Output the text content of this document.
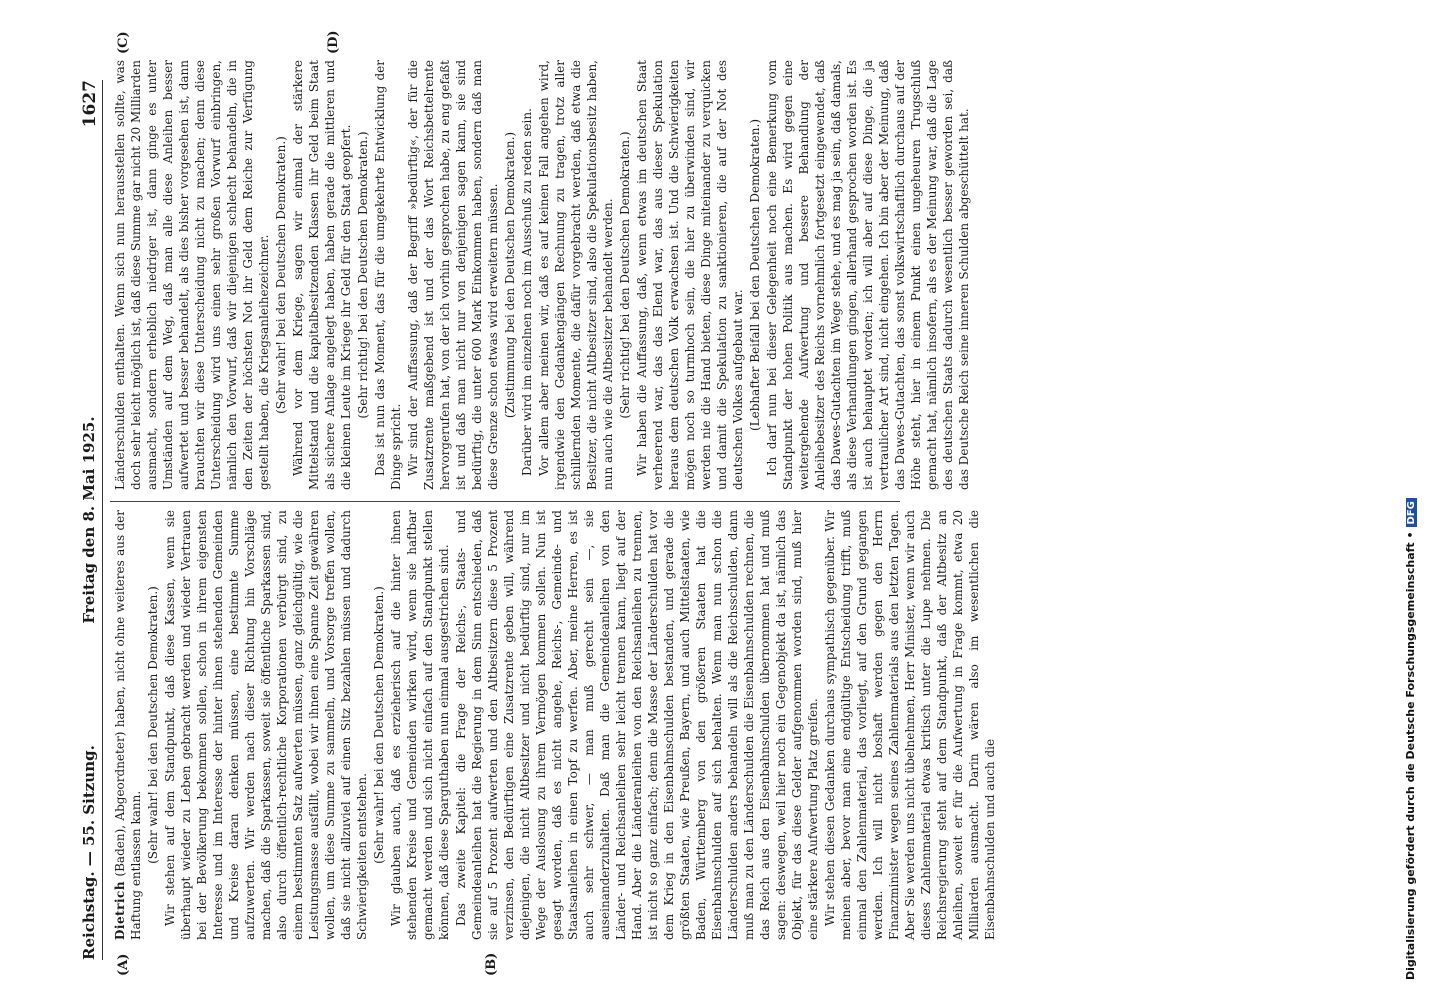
Reichstag. — 55. Sitzung.
Freitag den 8. Mai 1925.
1627
(A)	(B)
(C)	(D)

Dietrich (Baden), Abgeordneter) haben, nicht ohne weiteres aus der Haftung entlassen kann.

(Sehr wahr! bei den Deutschen Demokraten.) Wir stehen auf dem Standpunkt, daß diese Kassen, wenn sie überhaupt wieder zu Leben gebracht werden und wieder Vertrauen bei der Bevölkerung bekommen sollen, schon in ihrem eigensten Interesse und im Interesse der hinter ihnen stehenden Gemeinden und Kreise daran denken müssen, eine bestimmte Summe aufzuwerten. Wir werden nach dieser Richtung hin Vorschläge machen, daß die Sparkassen, soweit sie öffentliche Sparkassen sind, also durch öffentlich-rechtliche Korporationen verbürgt sind, zu einem bestimmten Satz aufwerten müssen, ganz gleichgültig, wie die Leistungsmasse ausfällt, wobei wir ihnen eine Spanne Zeit gewähren wollen, um diese Summe zu sammeln, und Vorsorge treffen wollen, daß sie nicht allzuviel auf einen Sitz bezahlen müssen und dadurch Schwierigkeiten entstehen. (Sehr wahr! bei den Deutschen Demokraten.) Wir glauben auch, daß es erzieherisch auf die hinter ihnen stehenden Kreise und Gemeinden wirken wird, wenn sie haftbar gemacht werden und sich nicht einfach auf den Standpunkt stellen können, daß diese Sparguthaben nun einmal ausgestrichen sind. Das zweite Kapitel: die Frage der Reichs-, Staats- und Gemeindeanleihen hat die Regierung in dem Sinn entschieden, daß sie auf 5 Prozent aufwerten und den Altbesitzern diese 5 Prozent verzinsen, den Bedürftigen eine Zusatzrente geben will, während diejenigen, die nicht Altbesitzer und nicht bedürftig sind, nur im Wege der Auslosung zu ihrem Vermögen kommen sollen. Nun ist gesagt worden, daß es nicht angehe, Reichs-, Gemeinde- und Staatsanleihen in einen Topf zu werfen. Aber, meine Herren, es ist auch sehr schwer, — man muß gerecht sein —, sie auseinanderzuhalten. Daß man die Gemeindeanleihen von den Länder- und Reichsanleihen sehr leicht trennen kann, liegt auf der Hand. Aber die Länderanleihen von den Reichsanleihen zu trennen, ist nicht so ganz einfach; denn die Masse der Länderschulden hat vor dem Krieg in den Eisenbahnschulden bestanden, und gerade die größten Staaten, wie Preußen, Bayern, und auch Mittelstaaten, wie Baden, Württemberg von den größeren Staaten hat die Eisenbahnschulden auf sich behalten. Wenn man nun schon die Länderschulden anders behandeln will als die Reichsschulden, dann muß man zu den Länderschulden die Eisenbahnschulden rechnen, die das Reich aus den Eisenbahnschulden übernommen hat und muß sagen: deswegen, weil hier noch ein Gegenobjekt da ist, nämlich das Objekt, für das diese Gelder aufgenommen worden sind, muß hier eine stärkere Aufwertung Platz greifen. Wir stehen diesen Gedanken durchaus sympathisch gegenüber. Wir meinen aber, bevor man eine endgültige Entscheidung trifft, muß einmal den Zahlenmaterial, das vorliegt, auf den Grund gegangen werden. Ich will nicht boshaft werden gegen den Herrn Finanzminister wegen seines Zahlenmaterials aus den letzten Tagen. Aber Sie werden uns nicht übelnehmen, Herr Minister, wenn wir auch dieses Zahlenmaterial etwas kritisch unter die Lupe nehmen. Die Reichsregierung steht auf dem Standpunkt, daß der Altbesitz an Anleihen, soweit er für die Aufwertung in Frage kommt, etwa 20 Milliarden ausmacht. Darin wären also im wesentlichen die Eisenbahnschulden und auch die

Länderschulden enthalten. Wenn sich nun herausstellen sollte, was doch sehr leicht möglich ist, daß diese Summe gar nicht 20 Milliarden ausmacht, sondern erheblich niedriger ist, dann ginge es unter Umständen auf dem Weg, daß man alle diese Anleihen besser aufwertet und besser behandelt, als dies bisher vorgesehen ist, dann brauchten wir diese Unterscheidung nicht zu machen; denn diese Unterscheidung wird uns einen sehr großen Vorwurf einbringen, nämlich den Vorwurf, daß wir diejenigen schlecht behandeln, die in den Zeiten der höchsten Not ihr Geld dem Reiche zur Verfügung gestellt haben, die Kriegsanleihezeichner. (Sehr wahr! bei den Deutschen Demokraten.) Während vor dem Kriege, sagen wir einmal der stärkere Mittelstand und die kapitalbesitzenden Klassen ihr Geld beim Staat als sichere Anlage angelegt haben, haben gerade die mittleren und die kleinen Leute im Kriege ihr Geld für den Staat geopfert. (Sehr richtig! bei den Deutschen Demokraten.) Das ist nun das Moment, das für die umgekehrte Entwicklung der Dinge spricht. Wir sind der Auffassung, daß der Begriff »bedürftig«, der für die Zusatzrente maßgebend ist und der das Wort Reichsbettelrente hervorgerufen hat, von der ich vorhin gesprochen habe, zu eng gefaßt ist und daß man nicht nur von denjenigen sagen kann, sie sind bedürftig, die unter 600 Mark Einkommen haben, sondern daß man diese Grenze schon etwas wird erweitern müssen. (Zustimmung bei den Deutschen Demokraten.) Darüber wird im einzelnen noch im Ausschuß zu reden sein. Vor allem aber meinen wir, daß es auf keinen Fall angehen wird, irgendwie den Gedankengängen Rechnung zu tragen, trotz aller schillernden Momente, die dafür vorgebracht werden, daß etwa die Besitzer, die nicht Altbesitzer sind, also die Spekulationsbesitz haben, nun auch wie die Altbesitzer behandelt werden. (Sehr richtig! bei den Deutschen Demokraten.) Wir haben die Auffassung, daß, wenn etwas im deutschen Staat verheerend war, das das Elend war, das aus dieser Spekulation heraus dem deutschen Volk erwachsen ist. Und die Schwierigkeiten mögen noch so turmhoch sein, die hier zu überwinden sind, wir werden nie die Hand bieten, diese Dinge miteinander zu verquicken und damit die Spekulation zu sanktionieren, die auf der Not des deutschen Volkes aufgebaut war. (Lebhafter Beifall bei den Deutschen Demokraten.) Ich darf nun bei dieser Gelegenheit noch eine Bemerkung vom Standpunkt der hohen Politik aus machen. Es wird gegen eine weitergehende Aufwertung und bessere Behandlung der Anleihebesitzer des Reichs vornehmlich fortgesetzt eingewendet, daß das Dawes-Gutachten im Wege stehe, und es mag ja sein, daß damals, als diese Verhandlungen gingen, allerhand gesprochen worden ist. Es ist auch behauptet worden; ich will aber auf diese Dinge, die ja vertraulicher Art sind, nicht eingehen. Ich bin aber der Meinung, daß das Dawes-Gutachten, das sonst volkswirtschaftlich durchaus auf der Höhe steht, hier in einem Punkt einen ungeheuren Trugschluß gemacht hat, nämlich insofern, als es der Meinung war, daß die Lage des deutschen Staats dadurch wesentlich besser geworden sei, daß das Deutsche Reich seine inneren Schulden abgeschüttelt hat.

Digitalisierung gefördert durch die Deutsche Forschungsgemeinschaft •DFG
